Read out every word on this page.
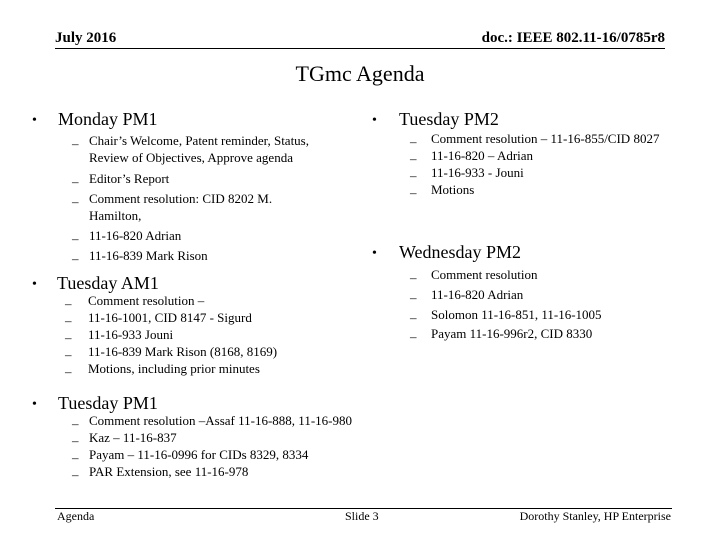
July 2016	doc.: IEEE 802.11-16/0785r8
TGmc Agenda
• Monday PM1
– Chair’s Welcome, Patent reminder, Status, Review of Objectives, Approve agenda
– Editor’s Report
– Comment resolution: CID 8202 M. Hamilton,
– 11-16-820 Adrian
– 11-16-839 Mark Rison
• Tuesday AM1
– Comment resolution –
– 11-16-1001, CID 8147 - Sigurd
– 11-16-933 Jouni
– 11-16-839 Mark Rison (8168, 8169)
– Motions, including prior minutes
• Tuesday PM1
– Comment resolution –Assaf 11-16-888, 11-16-980
– Kaz – 11-16-837
– Payam – 11-16-0996 for CIDs 8329, 8334
– PAR Extension, see 11-16-978
• Tuesday PM2
– Comment resolution – 11-16-855/CID 8027
– 11-16-820 – Adrian
– 11-16-933 - Jouni
– Motions
• Wednesday PM2
– Comment resolution
– 11-16-820 Adrian
– Solomon 11-16-851, 11-16-1005
– Payam 11-16-996r2, CID 8330
Agenda	Slide 3	Dorothy Stanley, HP Enterprise
